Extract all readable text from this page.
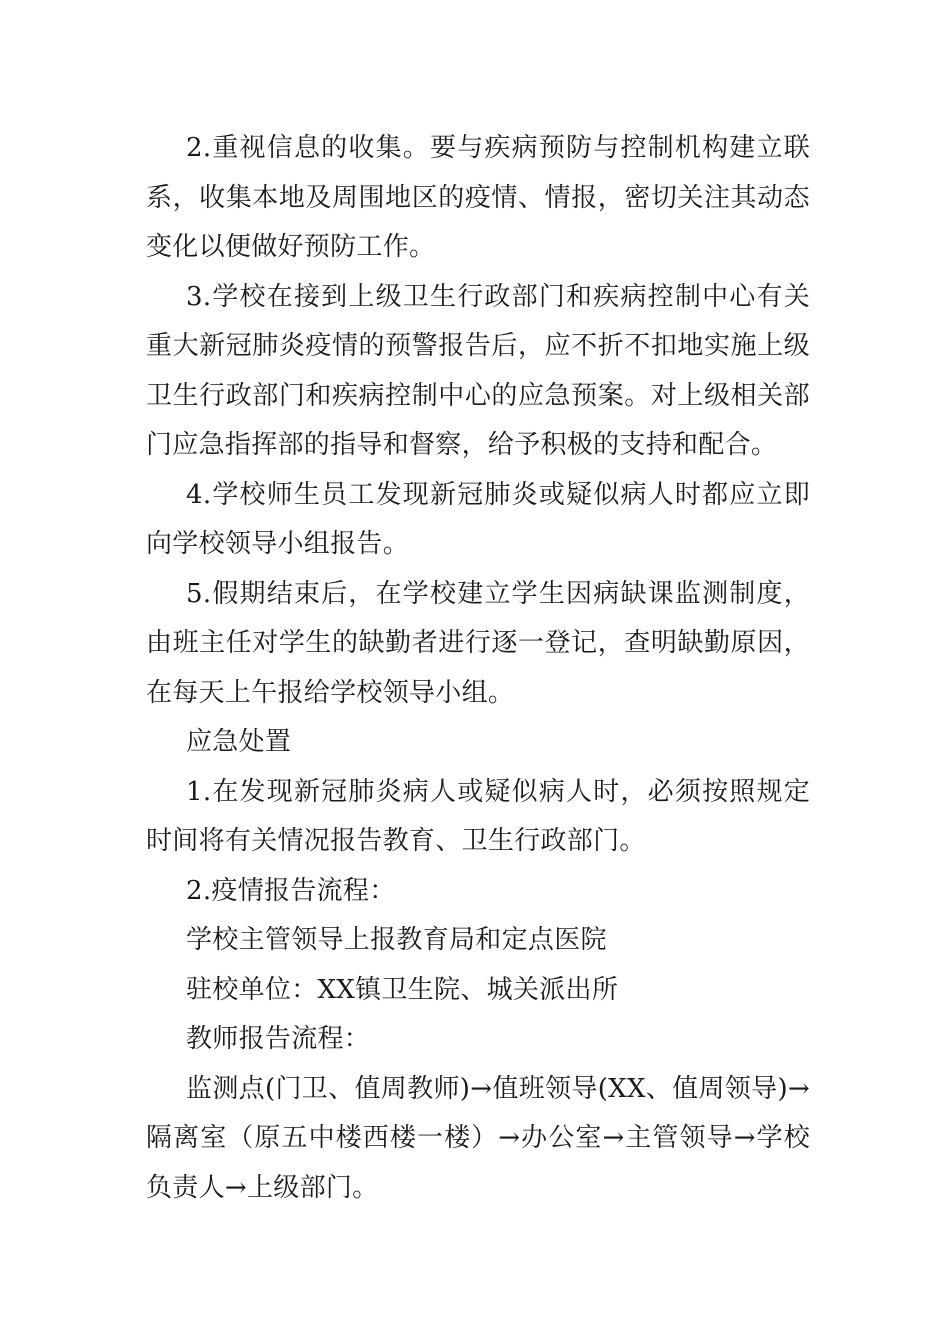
2.重视信息的收集。要与疾病预防与控制机构建立联系，收集本地及周围地区的疫情、情报，密切关注其动态变化以便做好预防工作。

3.学校在接到上级卫生行政部门和疾病控制中心有关重大新冠肺炎疫情的预警报告后，应不折不扣地实施上级卫生行政部门和疾病控制中心的应急预案。对上级相关部门应急指挥部的指导和督察，给予积极的支持和配合。

4.学校师生员工发现新冠肺炎或疑似病人时都应立即向学校领导小组报告。

5.假期结束后，在学校建立学生因病缺课监测制度，由班主任对学生的缺勤者进行逐一登记，查明缺勤原因，在每天上午报给学校领导小组。

应急处置

1.在发现新冠肺炎病人或疑似病人时，必须按照规定时间将有关情况报告教育、卫生行政部门。

2.疫情报告流程：

学校主管领导上报教育局和定点医院

驻校单位：XX镇卫生院、城关派出所

教师报告流程：

监测点(门卫、值周教师)→值班领导(XX、值周领导)→隔离室（原五中楼西楼一楼）→办公室→主管领导→学校负责人→上级部门。
